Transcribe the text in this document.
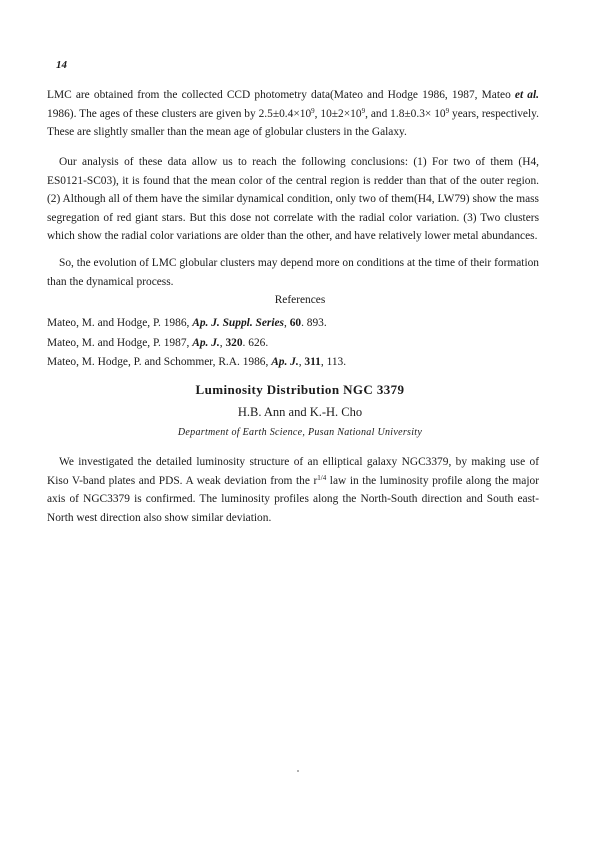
14
LMC are obtained from the collected CCD photometry data(Mateo and Hodge 1986, 1987, Mateo et al. 1986). The ages of these clusters are given by $2.5\pm 0.4\times 10^9$, $10\pm 2\times 10^9$, and $1.8\pm 0.3\times 10^9$ years, respectively. These are slightly smaller than the mean age of globular clusters in the Galaxy.
Our analysis of these data allow us to reach the following conclusions: (1) For two of them (H4, ES0121-SC03), it is found that the mean color of the central region is redder than that of the outer region. (2) Although all of them have the similar dynamical condition, only two of them(H4, LW79) show the mass segregation of red giant stars. But this dose not correlate with the radial color variation. (3) Two clusters which show the radial color variations are older than the other, and have relatively lower metal abundances.
So, the evolution of LMC globular clusters may depend more on conditions at the time of their formation than the dynamical process.
References
Mateo, M. and Hodge, P. 1986, Ap. J. Suppl. Series, 60. 893.
Mateo, M. and Hodge, P. 1987, Ap. J., 320. 626.
Mateo, M. Hodge, P. and Schommer, R.A. 1986, Ap. J., 311, 113.
Luminosity Distribution NGC 3379
H.B. Ann and K.-H. Cho
Department of Earth Science, Pusan National University
We investigated the detailed luminosity structure of an elliptical galaxy NGC3379, by making use of Kiso V-band plates and PDS. A weak deviation from the $r^{1/4}$ law in the luminosity profile along the major axis of NGC3379 is confirmed. The luminosity profiles along the North-South direction and South east-North west direction also show similar deviation.
